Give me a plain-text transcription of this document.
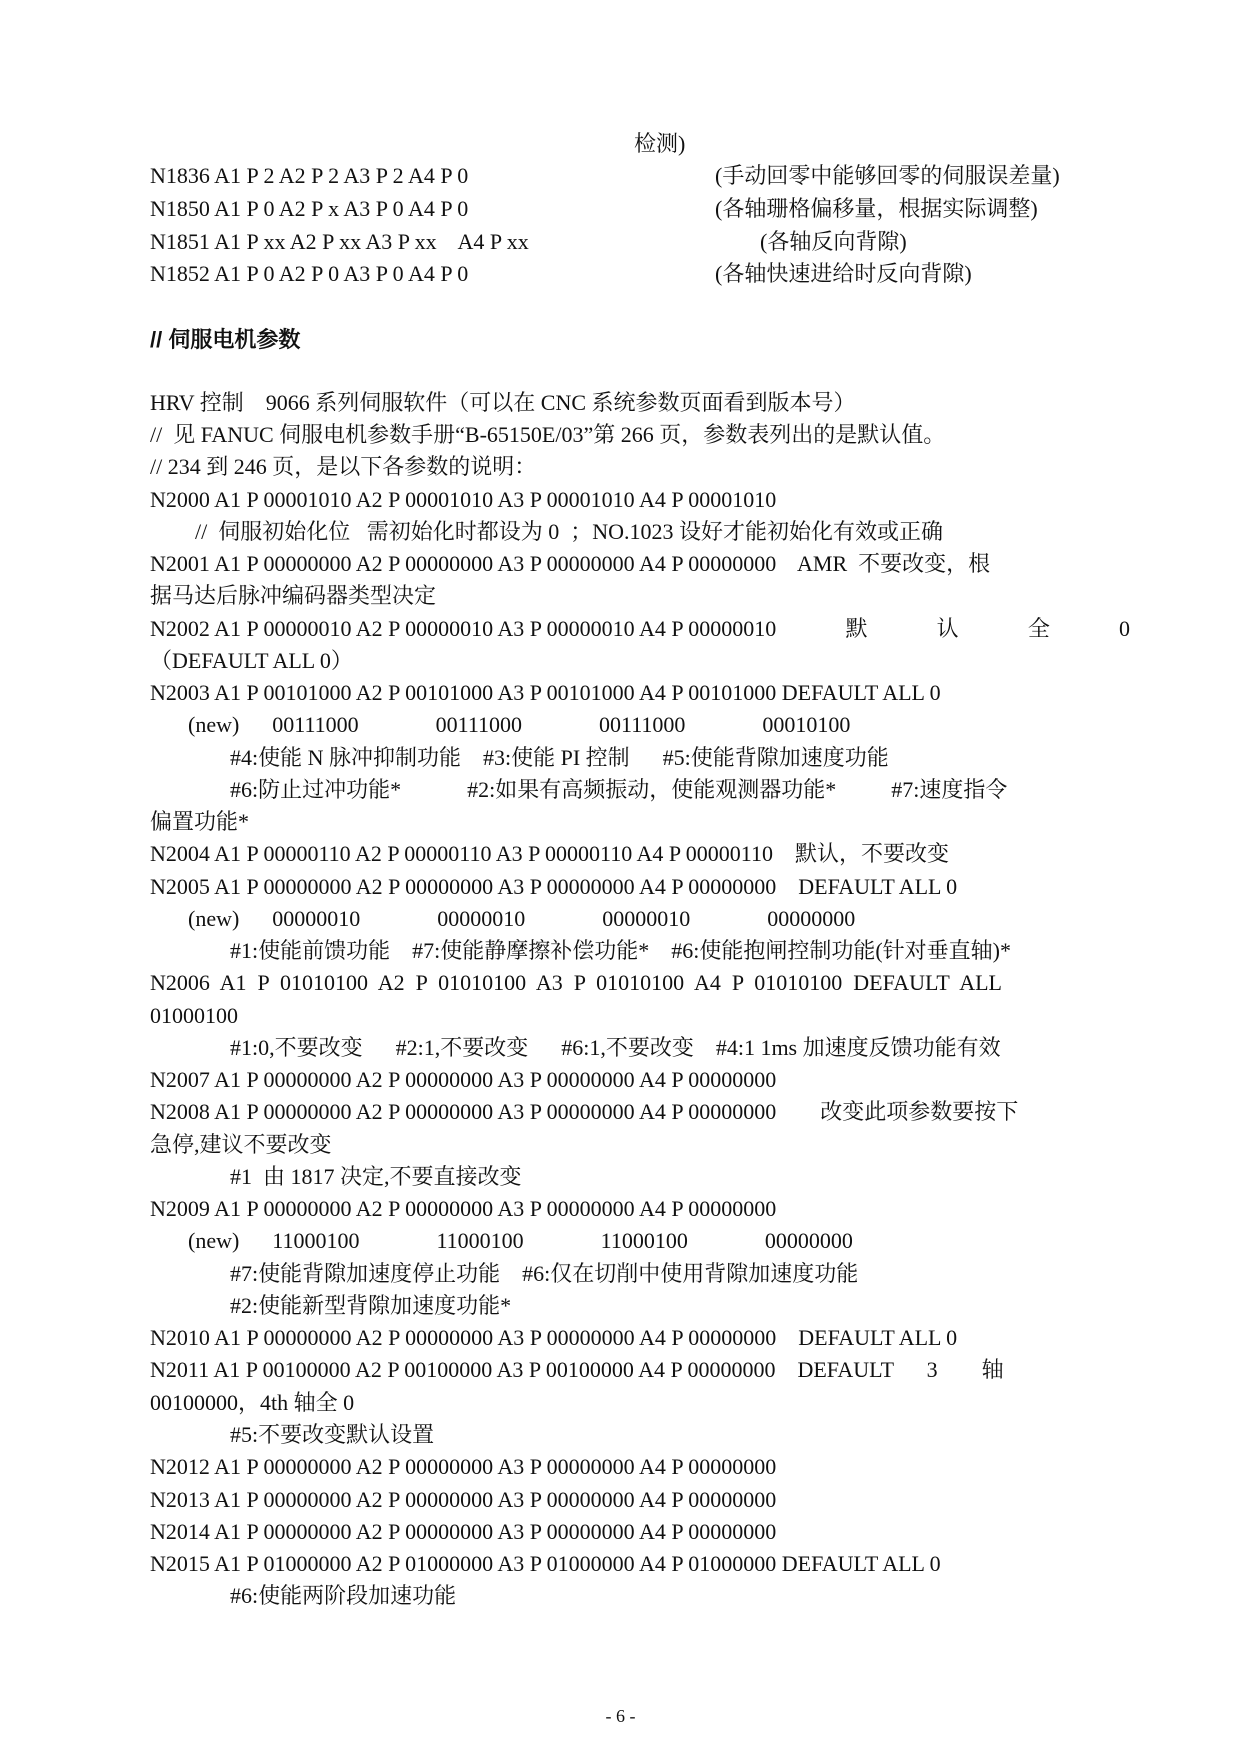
检测)
N1836 A1 P 2 A2 P 2 A3 P 2 A4 P 0	(手动回零中能够回零的伺服误差量)
N1850 A1 P 0 A2 P x A3 P 0 A4 P 0	(各轴珊格偏移量，根据实际调整)
N1851 A1 P xx A2 P xx A3 P xx    A4 P xx	(各轴反向背隙)
N1852 A1 P 0 A2 P 0 A3 P 0 A4 P 0	(各轴快速进给时反向背隙)
// 伺服电机参数
HRV 控制    9066 系列伺服软件（可以在 CNC 系统参数页面看到版本号）
//  见 FANUC 伺服电机参数手册“B-65150E/03”第 266 页，参数表列出的是默认值。
// 234 到 246 页，是以下各参数的说明：
N2000 A1 P 00001010 A2 P 00001010 A3 P 00001010 A4 P 00001010
//  伺服初始化位   需初始化时都设为 0  ；NO.1023 设好才能初始化有效或正确
N2001 A1 P 00000000 A2 P 00000000 A3 P 00000000 A4 P 00000000    AMR  不要改变，根
据马达后脉冲编码器类型决定
N2002 A1 P 00000010 A2 P 00000010 A3 P 00000010 A4 P 00000010	默	认	全	0
（DEFAULT ALL 0）
N2003 A1 P 00101000 A2 P 00101000 A3 P 00101000 A4 P 00101000 DEFAULT ALL 0
(new)      00111000              00111000              00111000              00010100
#4:使能 N 脉冲抑制功能    #3:使能 PI 控制      #5:使能背隙加速度功能
#6:防止过冲功能*            #2:如果有高频振动，使能观测器功能*          #7:速度指令
偏置功能*
N2004 A1 P 00000110 A2 P 00000110 A3 P 00000110 A4 P 00000110    默认，不要改变
N2005 A1 P 00000000 A2 P 00000000 A3 P 00000000 A4 P 00000000    DEFAULT ALL 0
(new)      00000010              00000010              00000010              00000000
#1:使能前馈功能    #7:使能静摩擦补偿功能*    #6:使能抱闸控制功能(针对垂直轴)*
N2006  A1  P  01010100  A2  P  01010100  A3  P  01010100  A4  P  01010100  DEFAULT  ALL
01000100
#1:0,不要改变      #2:1,不要改变      #6:1,不要改变    #4:1 1ms 加速度反馈功能有效
N2007 A1 P 00000000 A2 P 00000000 A3 P 00000000 A4 P 00000000
N2008 A1 P 00000000 A2 P 00000000 A3 P 00000000 A4 P 00000000        改变此项参数要按下
急停,建议不要改变
#1  由 1817 决定,不要直接改变
N2009 A1 P 00000000 A2 P 00000000 A3 P 00000000 A4 P 00000000
(new)      11000100              11000100              11000100              00000000
#7:使能背隙加速度停止功能    #6:仅在切削中使用背隙加速度功能
#2:使能新型背隙加速度功能*
N2010 A1 P 00000000 A2 P 00000000 A3 P 00000000 A4 P 00000000    DEFAULT ALL 0
N2011 A1 P 00100000 A2 P 00100000 A3 P 00100000 A4 P 00000000    DEFAULT      3        轴
00100000，4th 轴全 0
#5:不要改变默认设置
N2012 A1 P 00000000 A2 P 00000000 A3 P 00000000 A4 P 00000000
N2013 A1 P 00000000 A2 P 00000000 A3 P 00000000 A4 P 00000000
N2014 A1 P 00000000 A2 P 00000000 A3 P 00000000 A4 P 00000000
N2015 A1 P 01000000 A2 P 01000000 A3 P 01000000 A4 P 01000000 DEFAULT ALL 0
#6:使能两阶段加速功能
- 6 -
